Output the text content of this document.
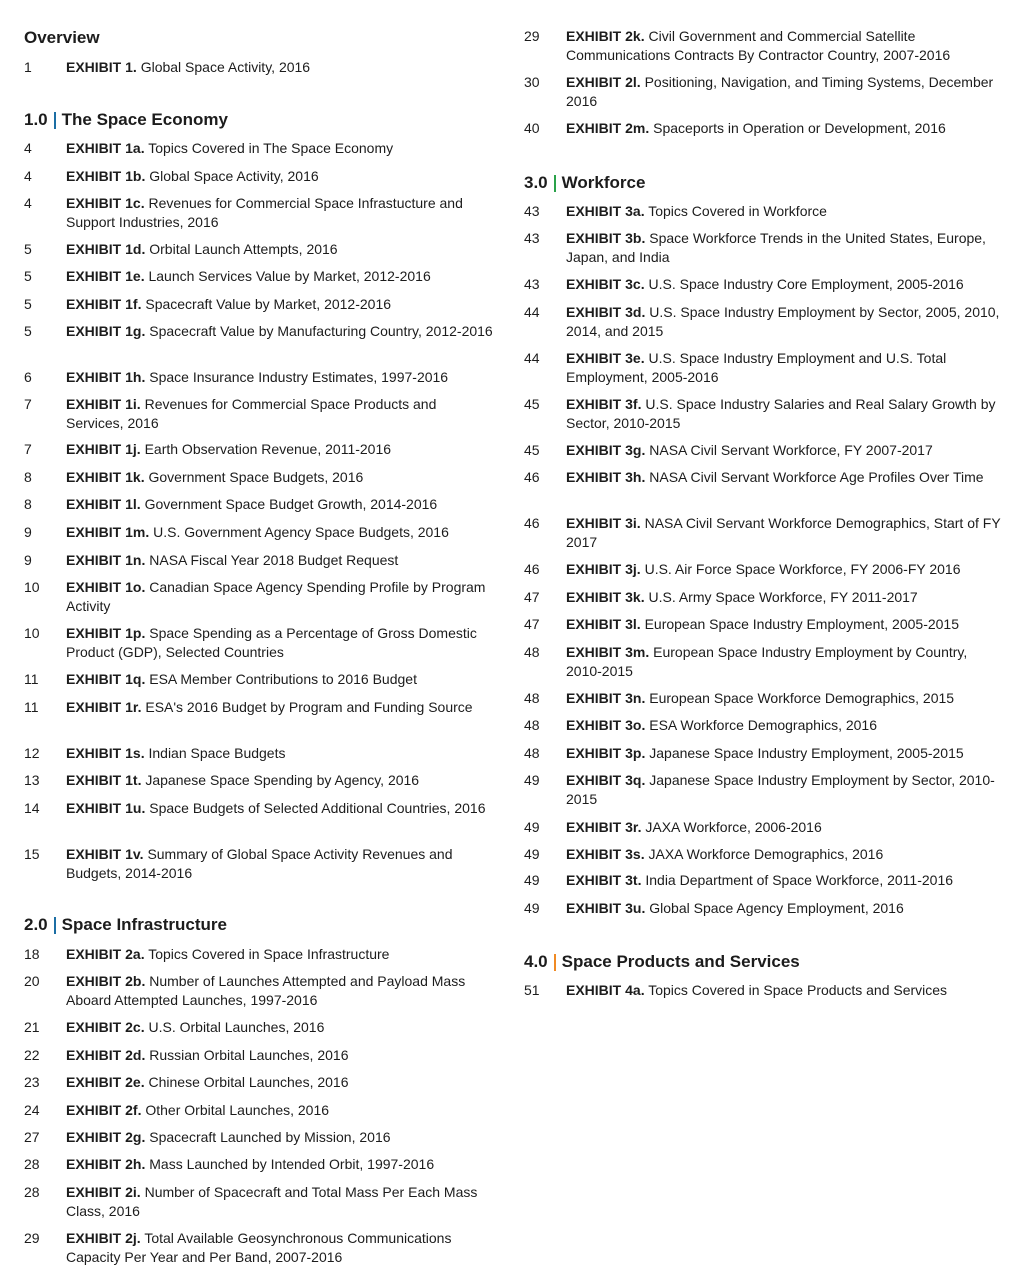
Overview
1	EXHIBIT 1. Global Space Activity, 2016
1.0 The Space Economy
4	EXHIBIT 1a. Topics Covered in The Space Economy
4	EXHIBIT 1b. Global Space Activity, 2016
4	EXHIBIT 1c. Revenues for Commercial Space Infrastucture and Support Industries, 2016
5	EXHIBIT 1d. Orbital Launch Attempts, 2016
5	EXHIBIT 1e. Launch Services Value by Market, 2012-2016
5	EXHIBIT 1f. Spacecraft Value by Market, 2012-2016
5	EXHIBIT 1g. Spacecraft Value by Manufacturing Country, 2012-2016
6	EXHIBIT 1h. Space Insurance Industry Estimates, 1997-2016
7	EXHIBIT 1i. Revenues for Commercial Space Products and Services, 2016
7	EXHIBIT 1j. Earth Observation Revenue, 2011-2016
8	EXHIBIT 1k. Government Space Budgets, 2016
8	EXHIBIT 1l. Government Space Budget Growth, 2014-2016
9	EXHIBIT 1m. U.S. Government Agency Space Budgets, 2016
9	EXHIBIT 1n. NASA Fiscal Year 2018 Budget Request
10	EXHIBIT 1o. Canadian Space Agency Spending Profile by Program Activity
10	EXHIBIT 1p. Space Spending as a Percentage of Gross Domestic Product (GDP), Selected Countries
11	EXHIBIT 1q. ESA Member Contributions to 2016 Budget
11	EXHIBIT 1r. ESA's 2016 Budget by Program and Funding Source
12	EXHIBIT 1s. Indian Space Budgets
13	EXHIBIT 1t. Japanese Space Spending by Agency, 2016
14	EXHIBIT 1u. Space Budgets of Selected Additional Countries, 2016
15	EXHIBIT 1v. Summary of Global Space Activity Revenues and Budgets, 2014-2016
2.0 Space Infrastructure
18	EXHIBIT 2a. Topics Covered in Space Infrastructure
20	EXHIBIT 2b. Number of Launches Attempted and Payload Mass Aboard Attempted Launches, 1997-2016
21	EXHIBIT 2c. U.S. Orbital Launches, 2016
22	EXHIBIT 2d. Russian Orbital Launches, 2016
23	EXHIBIT 2e. Chinese Orbital Launches, 2016
24	EXHIBIT 2f. Other Orbital Launches, 2016
27	EXHIBIT 2g. Spacecraft Launched by Mission, 2016
28	EXHIBIT 2h. Mass Launched by Intended Orbit, 1997-2016
28	EXHIBIT 2i. Number of Spacecraft and Total Mass Per Each Mass Class, 2016
29	EXHIBIT 2j. Total Available Geosynchronous Communications Capacity Per Year and Per Band, 2007-2016
29	EXHIBIT 2k. Civil Government and Commercial Satellite Communications Contracts By Contractor Country, 2007-2016
30	EXHIBIT 2l. Positioning, Navigation, and Timing Systems, December 2016
40	EXHIBIT 2m. Spaceports in Operation or Development, 2016
3.0 Workforce
43	EXHIBIT 3a. Topics Covered in Workforce
43	EXHIBIT 3b. Space Workforce Trends in the United States, Europe, Japan, and India
43	EXHIBIT 3c. U.S. Space Industry Core Employment, 2005-2016
44	EXHIBIT 3d. U.S. Space Industry Employment by Sector, 2005, 2010, 2014, and 2015
44	EXHIBIT 3e. U.S. Space Industry Employment and U.S. Total Employment, 2005-2016
45	EXHIBIT 3f. U.S. Space Industry Salaries and Real Salary Growth by Sector, 2010-2015
45	EXHIBIT 3g. NASA Civil Servant Workforce, FY 2007-2017
46	EXHIBIT 3h. NASA Civil Servant Workforce Age Profiles Over Time
46	EXHIBIT 3i. NASA Civil Servant Workforce Demographics, Start of FY 2017
46	EXHIBIT 3j. U.S. Air Force Space Workforce, FY 2006-FY 2016
47	EXHIBIT 3k. U.S. Army Space Workforce, FY 2011-2017
47	EXHIBIT 3l. European Space Industry Employment, 2005-2015
48	EXHIBIT 3m. European Space Industry Employment by Country, 2010-2015
48	EXHIBIT 3n. European Space Workforce Demographics, 2015
48	EXHIBIT 3o. ESA Workforce Demographics, 2016
48	EXHIBIT 3p. Japanese Space Industry Employment, 2005-2015
49	EXHIBIT 3q. Japanese Space Industry Employment by Sector, 2010-2015
49	EXHIBIT 3r. JAXA Workforce, 2006-2016
49	EXHIBIT 3s. JAXA Workforce Demographics, 2016
49	EXHIBIT 3t. India Department of Space Workforce, 2011-2016
49	EXHIBIT 3u. Global Space Agency Employment, 2016
4.0 Space Products and Services
51	EXHIBIT 4a. Topics Covered in Space Products and Services
